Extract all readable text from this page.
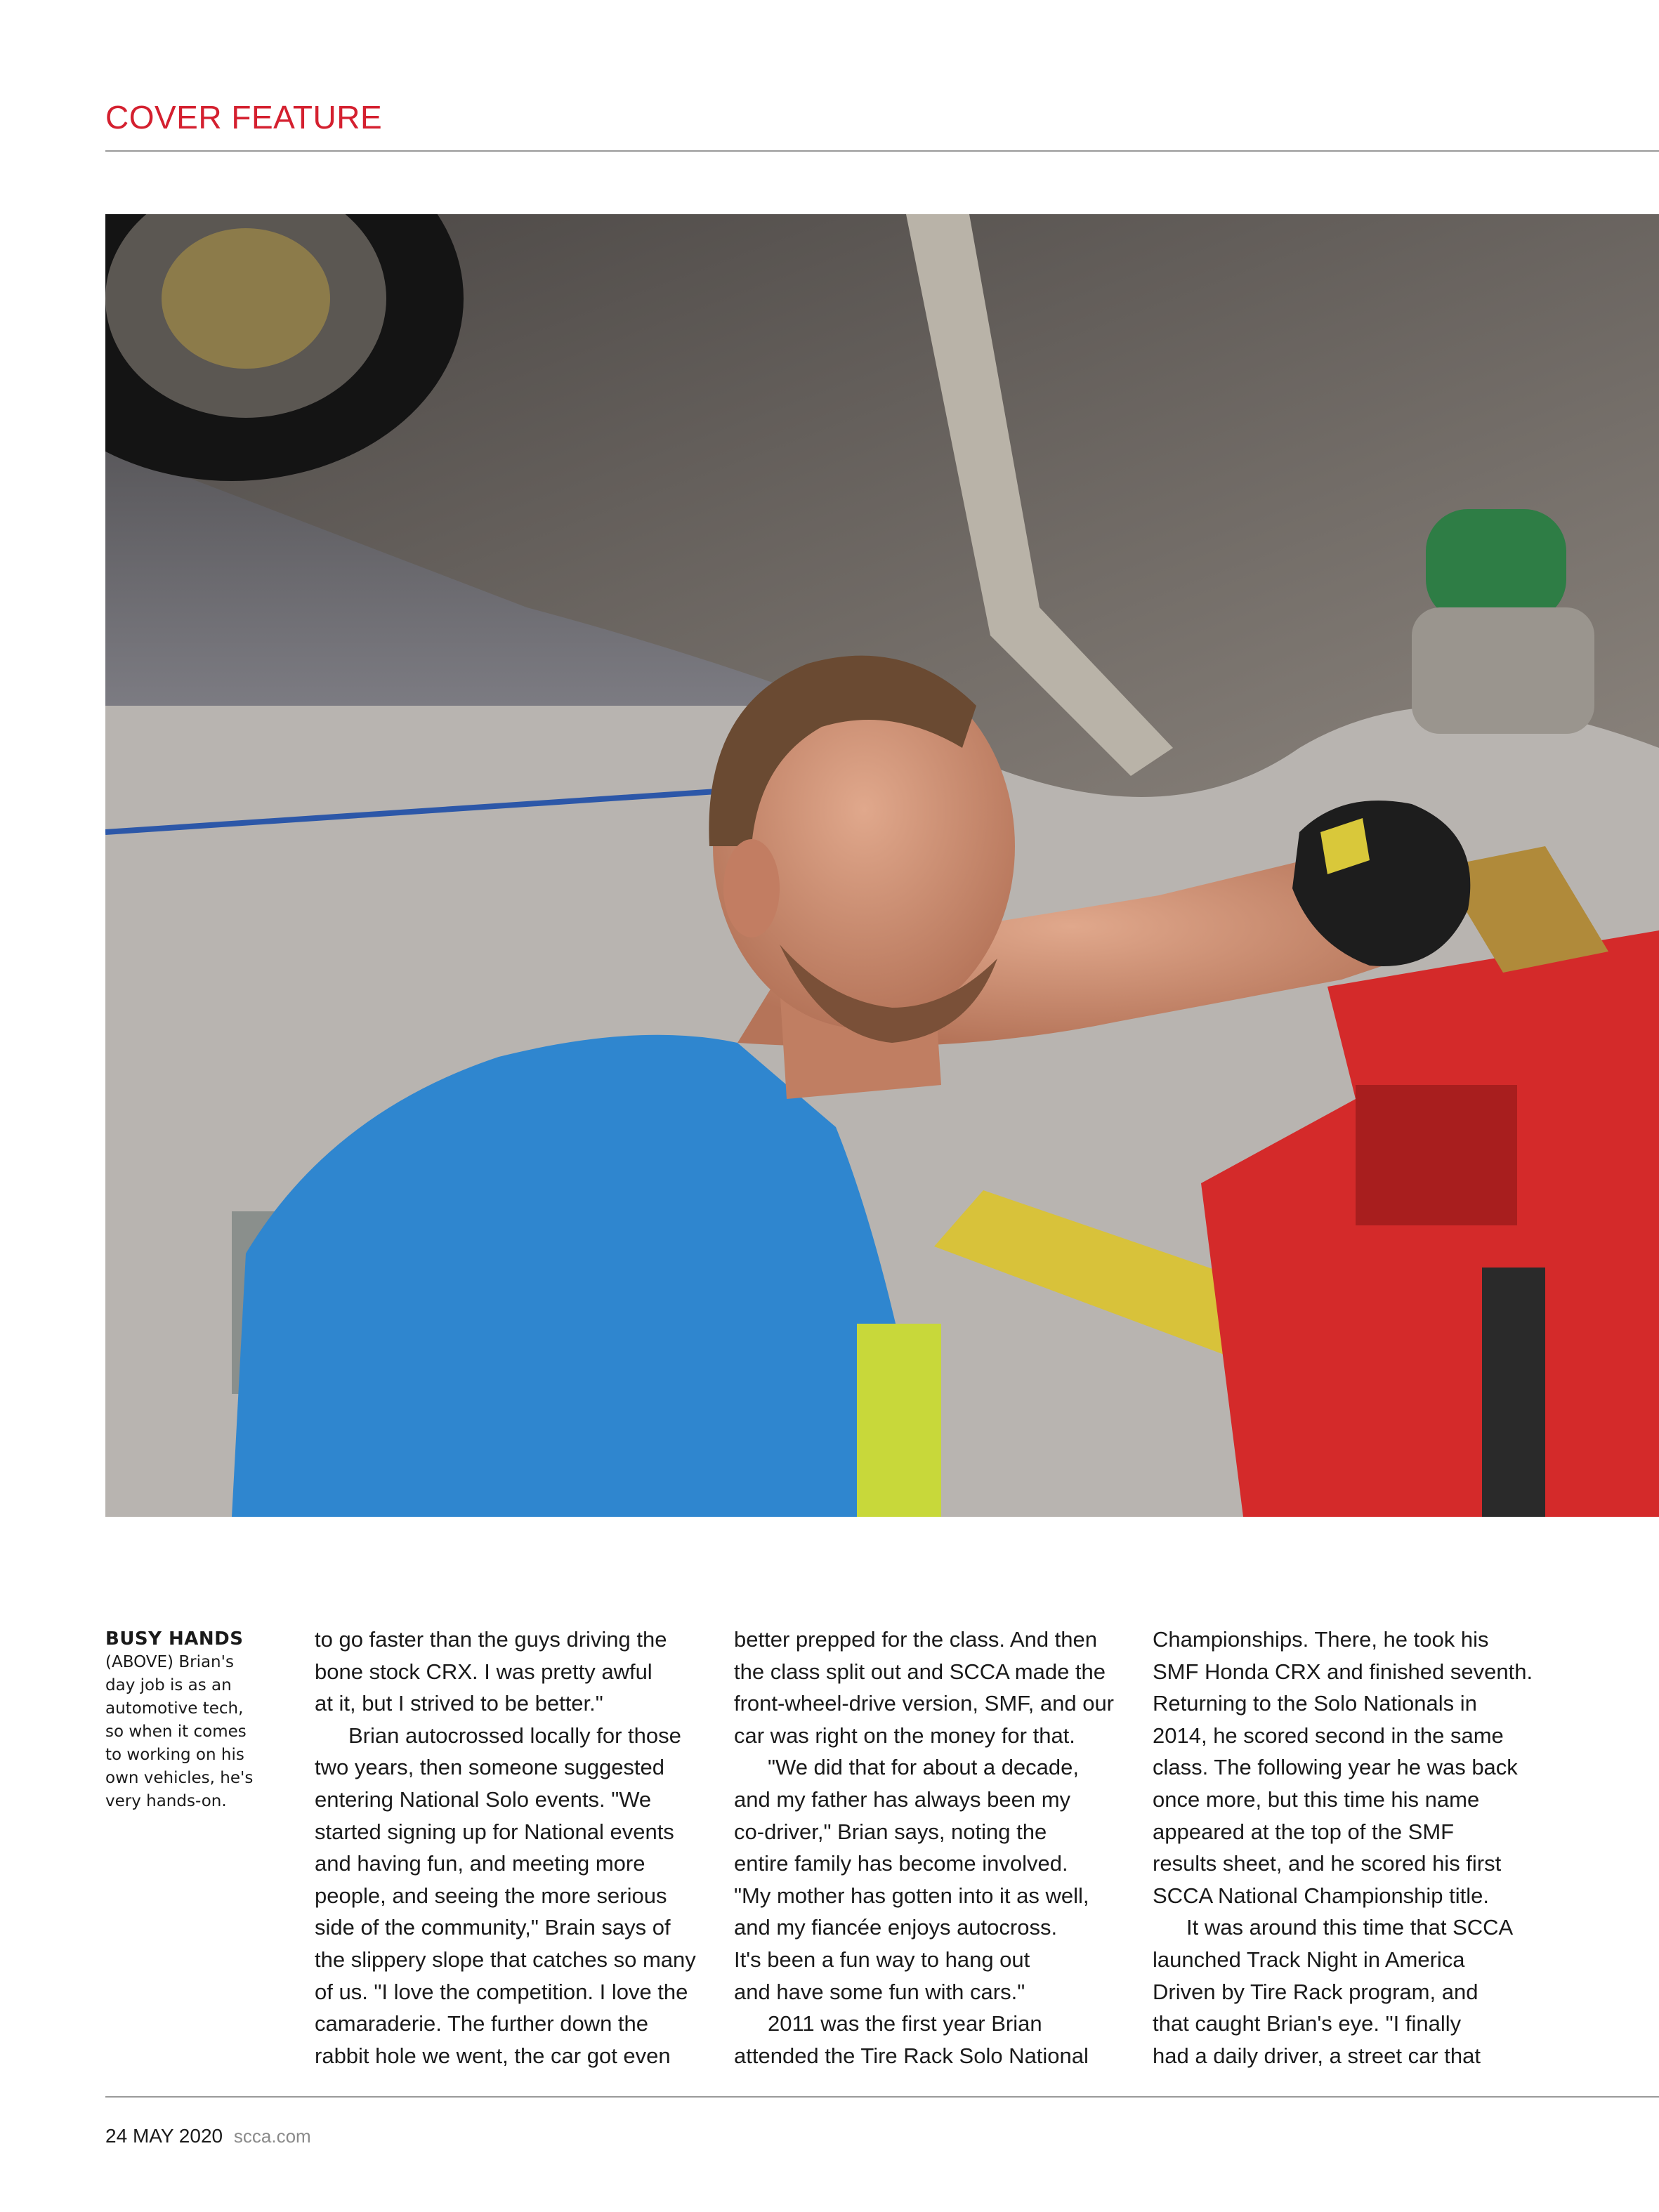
COVER FEATURE
BUSY HANDS
(ABOVE) Brian's
day job is as an
automotive tech,
so when it comes
to working on his
own vehicles, he's
very hands-on.
to go faster than the guys driving the
bone stock CRX. I was pretty awful
at it, but I strived to be better."
Brian autocrossed locally for those
two years, then someone suggested
entering National Solo events. "We
started signing up for National events
and having fun, and meeting more
people, and seeing the more serious
side of the community," Brain says of
the slippery slope that catches so many
of us. "I love the competition. I love the
camaraderie. The further down the
rabbit hole we went, the car got even
better prepped for the class. And then
the class split out and SCCA made the
front-wheel-drive version, SMF, and our
car was right on the money for that.
"We did that for about a decade,
and my father has always been my
co-driver," Brian says, noting the
entire family has become involved.
"My mother has gotten into it as well,
and my fiancée enjoys autocross.
It's been a fun way to hang out
and have some fun with cars."
2011 was the first year Brian
attended the Tire Rack Solo National
Championships. There, he took his
SMF Honda CRX and finished seventh.
Returning to the Solo Nationals in
2014, he scored second in the same
class. The following year he was back
once more, but this time his name
appeared at the top of the SMF
results sheet, and he scored his first
SCCA National Championship title.
It was around this time that SCCA
launched Track Night in America
Driven by Tire Rack program, and
that caught Brian's eye. "I finally
had a daily driver, a street car that
24 MAY 2020 scca.com
